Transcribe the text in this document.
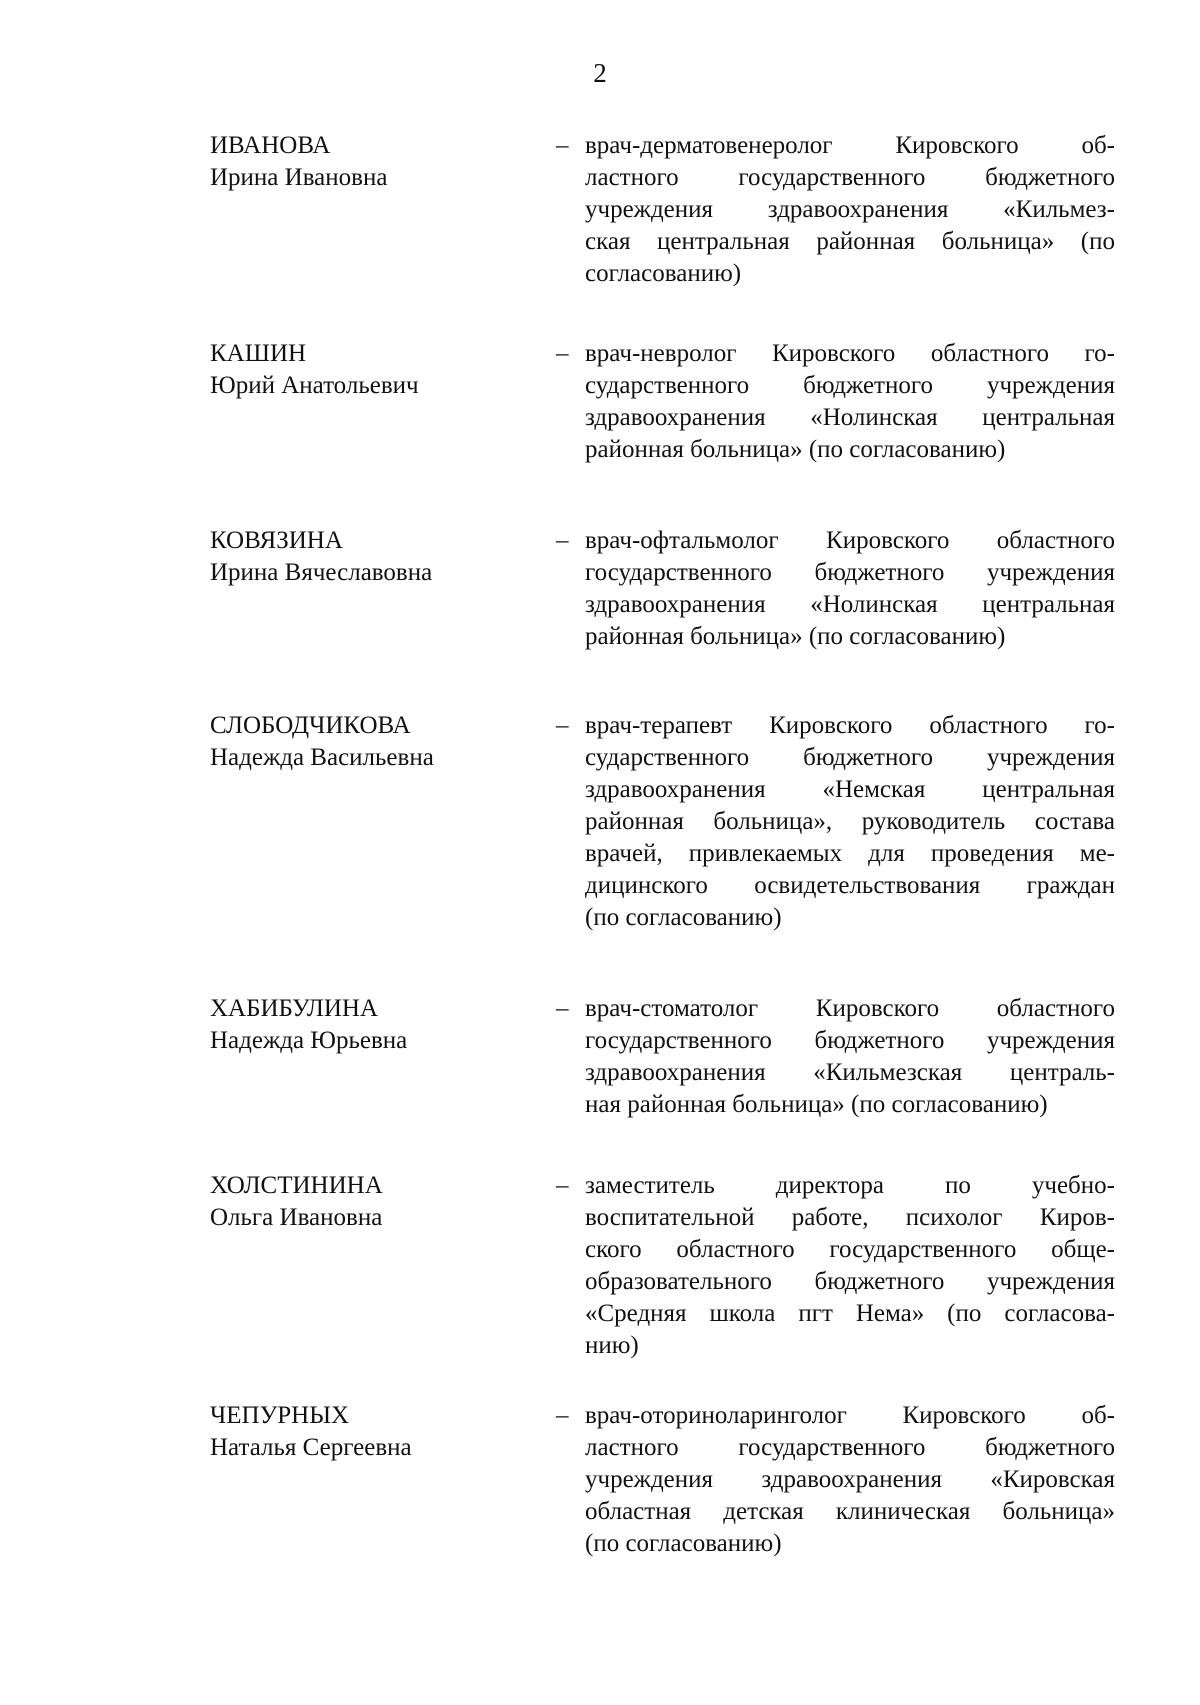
2
ИВАНОВА
Ирина Ивановна
– врач-дерматовенеролог Кировского об-
ластного государственного бюджетного
учреждения здравоохранения «Кильмез-
ская центральная районная больница» (по
согласованию)
КАШИН
Юрий Анатольевич
– врач-невролог Кировского областного го-
сударственного бюджетного учреждения
здравоохранения «Нолинская центральная
районная больница» (по согласованию)
КОВЯЗИНА
Ирина Вячеславовна
– врач-офтальмолог Кировского областного
государственного бюджетного учреждения
здравоохранения «Нолинская центральная
районная больница» (по согласованию)
СЛОБОДЧИКОВА
Надежда Васильевна
– врач-терапевт Кировского областного го-
сударственного бюджетного учреждения
здравоохранения «Немская центральная
районная больница», руководитель состава
врачей, привлекаемых для проведения ме-
дицинского освидетельствования граждан
(по согласованию)
ХАБИБУЛИНА
Надежда Юрьевна
– врач-стоматолог Кировского областного
государственного бюджетного учреждения
здравоохранения «Кильмезская централь-
ная районная больница» (по согласованию)
ХОЛСТИНИНА
Ольга Ивановна
– заместитель директора по учебно-
воспитательной работе, психолог Киров-
ского областного государственного обще-
образовательного бюджетного учреждения
«Средняя школа пгт Нема» (по согласова-
нию)
ЧЕПУРНЫХ
Наталья Сергеевна
– врач-оториноларинголог Кировского об-
ластного государственного бюджетного
учреждения здравоохранения «Кировская
областная детская клиническая больница»
(по согласованию)
